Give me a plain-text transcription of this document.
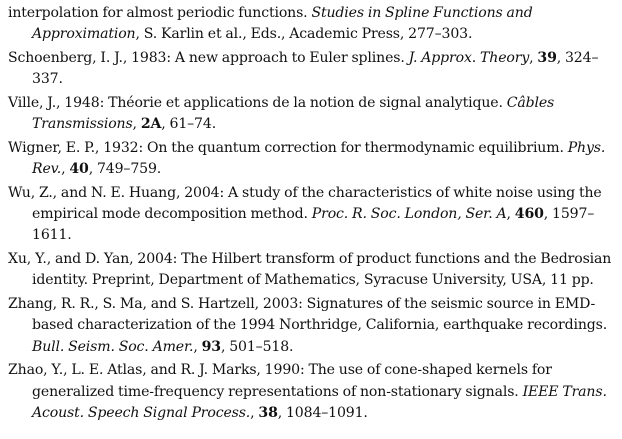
interpolation for almost periodic functions. Studies in Spline Functions and Approximation, S. Karlin et al., Eds., Academic Press, 277–303.
Schoenberg, I. J., 1983: A new approach to Euler splines. J. Approx. Theory, 39, 324–337.
Ville, J., 1948: Théorie et applications de la notion de signal analytique. Câbles Transmissions, 2A, 61–74.
Wigner, E. P., 1932: On the quantum correction for thermodynamic equilibrium. Phys. Rev., 40, 749–759.
Wu, Z., and N. E. Huang, 2004: A study of the characteristics of white noise using the empirical mode decomposition method. Proc. R. Soc. London, Ser. A, 460, 1597–1611.
Xu, Y., and D. Yan, 2004: The Hilbert transform of product functions and the Bedrosian identity. Preprint, Department of Mathematics, Syracuse University, USA, 11 pp.
Zhang, R. R., S. Ma, and S. Hartzell, 2003: Signatures of the seismic source in EMD-based characterization of the 1994 Northridge, California, earthquake recordings. Bull. Seism. Soc. Amer., 93, 501–518.
Zhao, Y., L. E. Atlas, and R. J. Marks, 1990: The use of cone-shaped kernels for generalized time-frequency representations of non-stationary signals. IEEE Trans. Acoust. Speech Signal Process., 38, 1084–1091.
